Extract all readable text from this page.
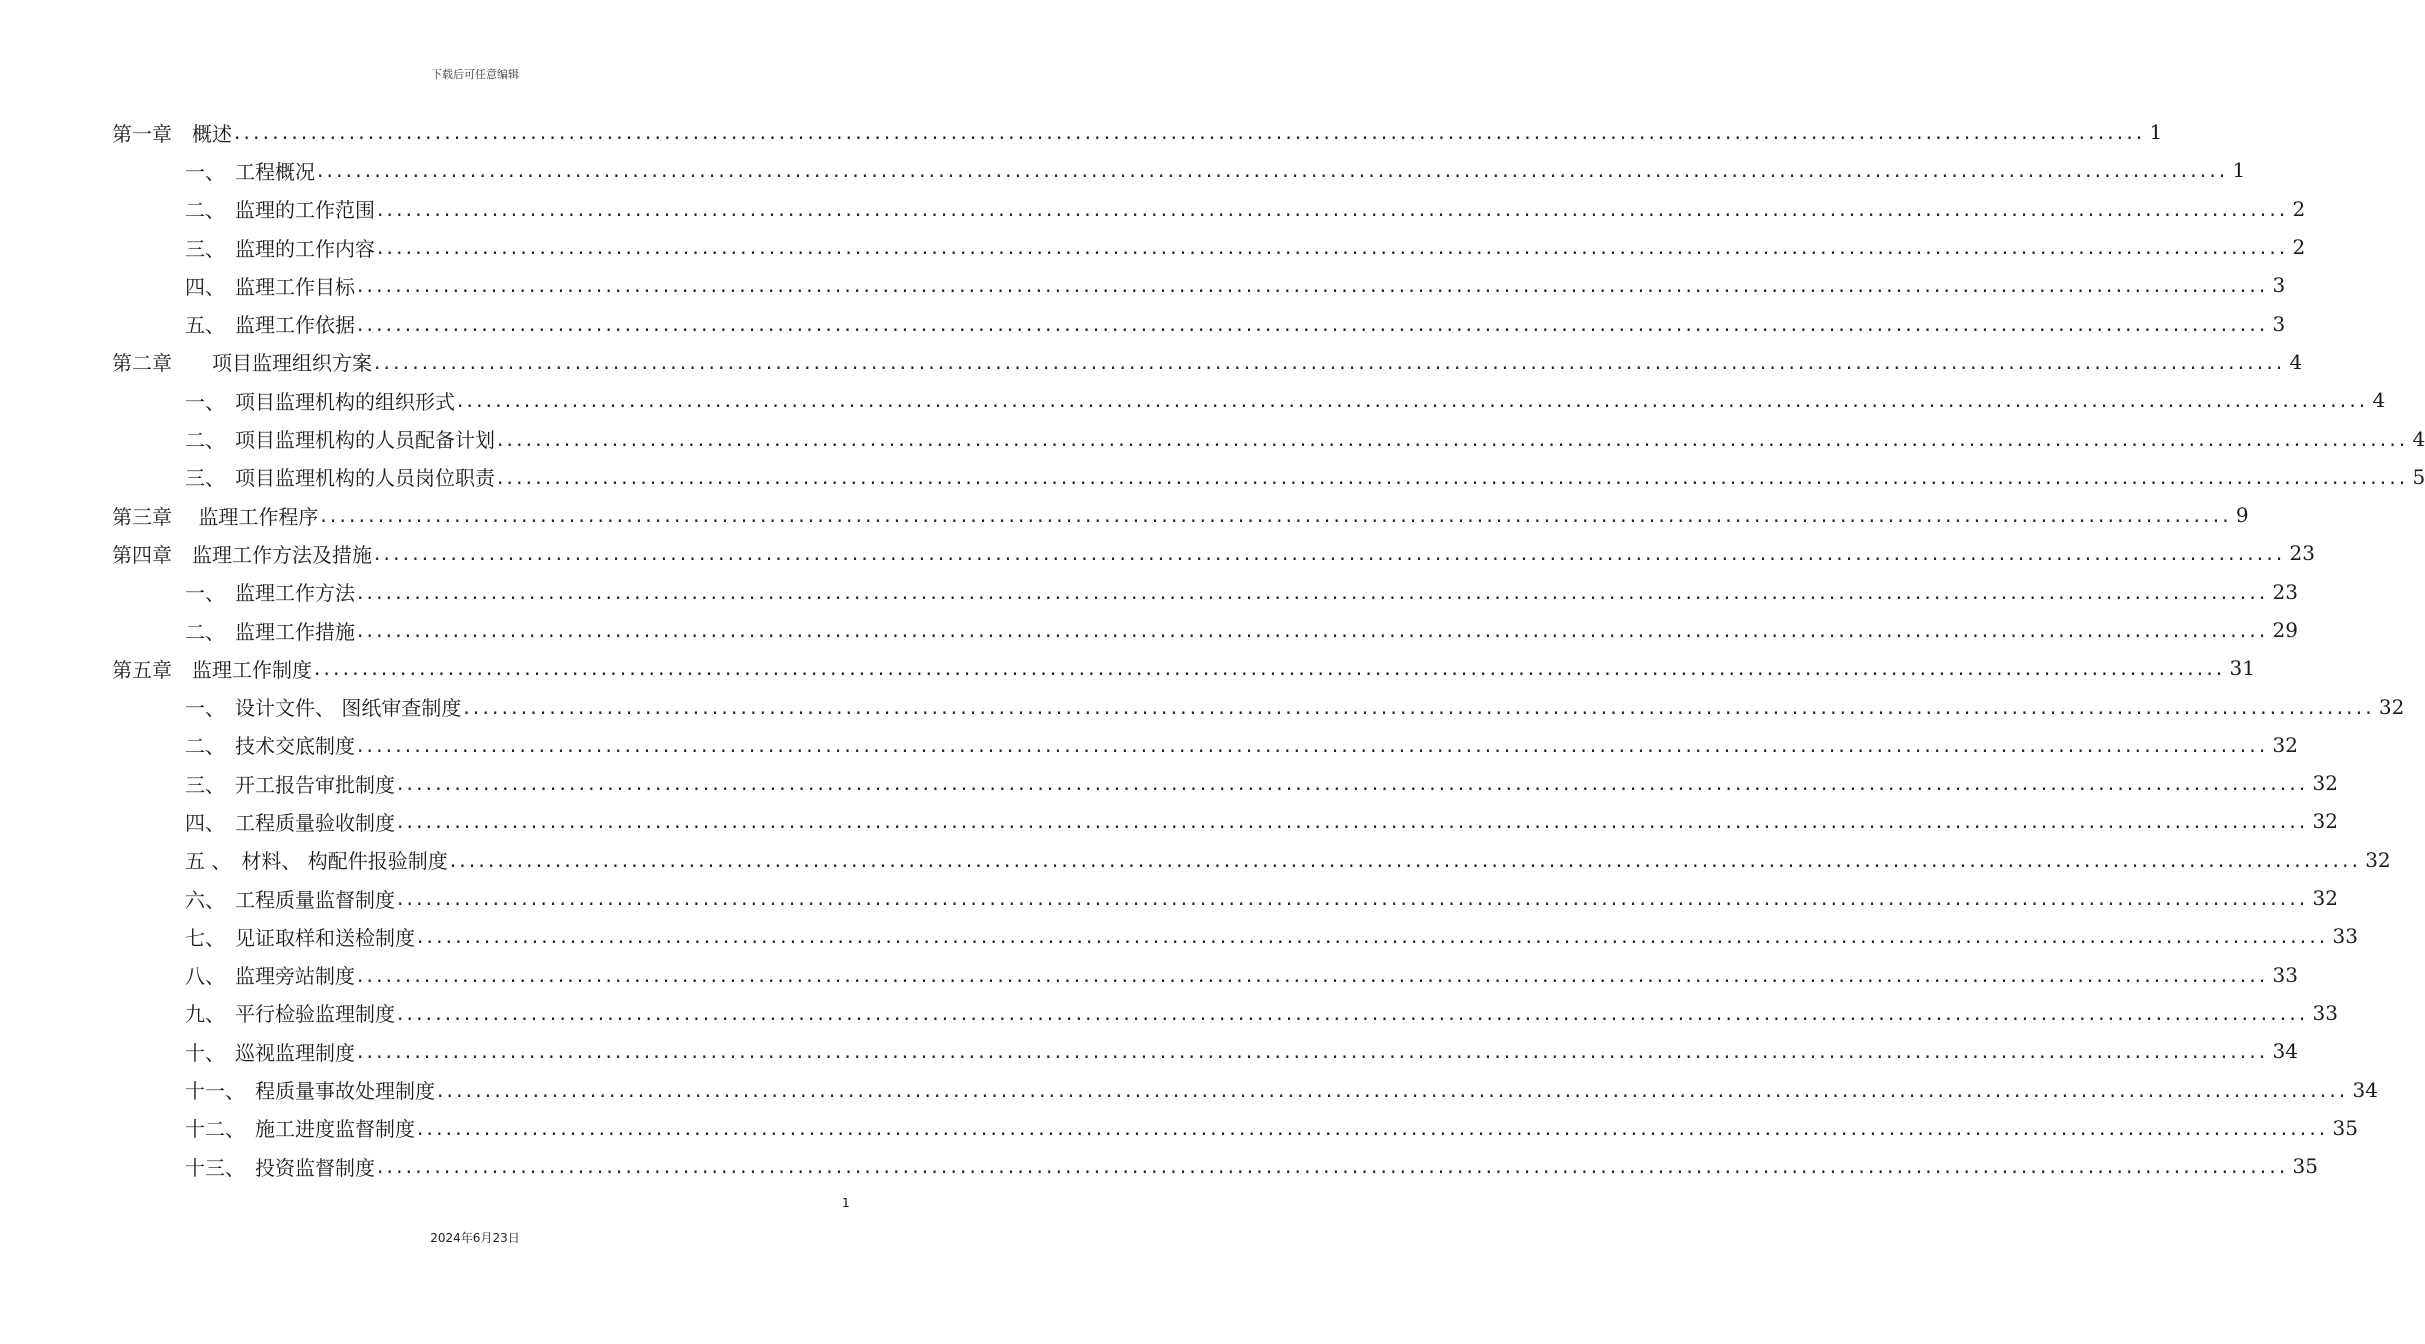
下载后可任意编辑
第一章　概述 ........................................................................................................................................................................................................ 1
一、　工程概况 ........................................................................................................................................................................................................ 1
二、　监理的工作范围 ........................................................................................................................................................................................................ 2
三、　监理的工作内容 ........................................................................................................................................................................................................ 2
四、　监理工作目标 ........................................................................................................................................................................................................ 3
五、　监理工作依据 ........................................................................................................................................................................................................ 3
第二章　　项目监理组织方案 ........................................................................................................................................................................................................ 4
一、　项目监理机构的组织形式 ........................................................................................................................................................................................................ 4
二、　项目监理机构的人员配备计划 ........................................................................................................................................................................................................ 4
三、　项目监理机构的人员岗位职责 ........................................................................................................................................................................................................ 5
第三章　 监理工作程序 ........................................................................................................................................................................................................ 9
第四章　监理工作方法及措施 ........................................................................................................................................................................................................ 23
一、　监理工作方法 ........................................................................................................................................................................................................ 23
二、　监理工作措施 ........................................................................................................................................................................................................ 29
第五章　监理工作制度 ........................................................................................................................................................................................................ 31
一、　设计文件、 图纸审查制度 ........................................................................................................................................................................................................ 32
二、　技术交底制度 ........................................................................................................................................................................................................ 32
三、　开工报告审批制度 ........................................................................................................................................................................................................ 32
四、　工程质量验收制度 ........................................................................................................................................................................................................ 32
五 、　材料、 构配件报验制度 ........................................................................................................................................................................................................ 32
六、　工程质量监督制度 ........................................................................................................................................................................................................ 32
七、　见证取样和送检制度 ........................................................................................................................................................................................................ 33
八、　监理旁站制度 ........................................................................................................................................................................................................ 33
九、　平行检验监理制度 ........................................................................................................................................................................................................ 33
十、　巡视监理制度 ........................................................................................................................................................................................................ 34
十一、　程质量事故处理制度 ........................................................................................................................................................................................................ 34
十二、　施工进度监督制度 ........................................................................................................................................................................................................ 35
十三、　投资监督制度 ........................................................................................................................................................................................................ 35
1
2024年6月23日
